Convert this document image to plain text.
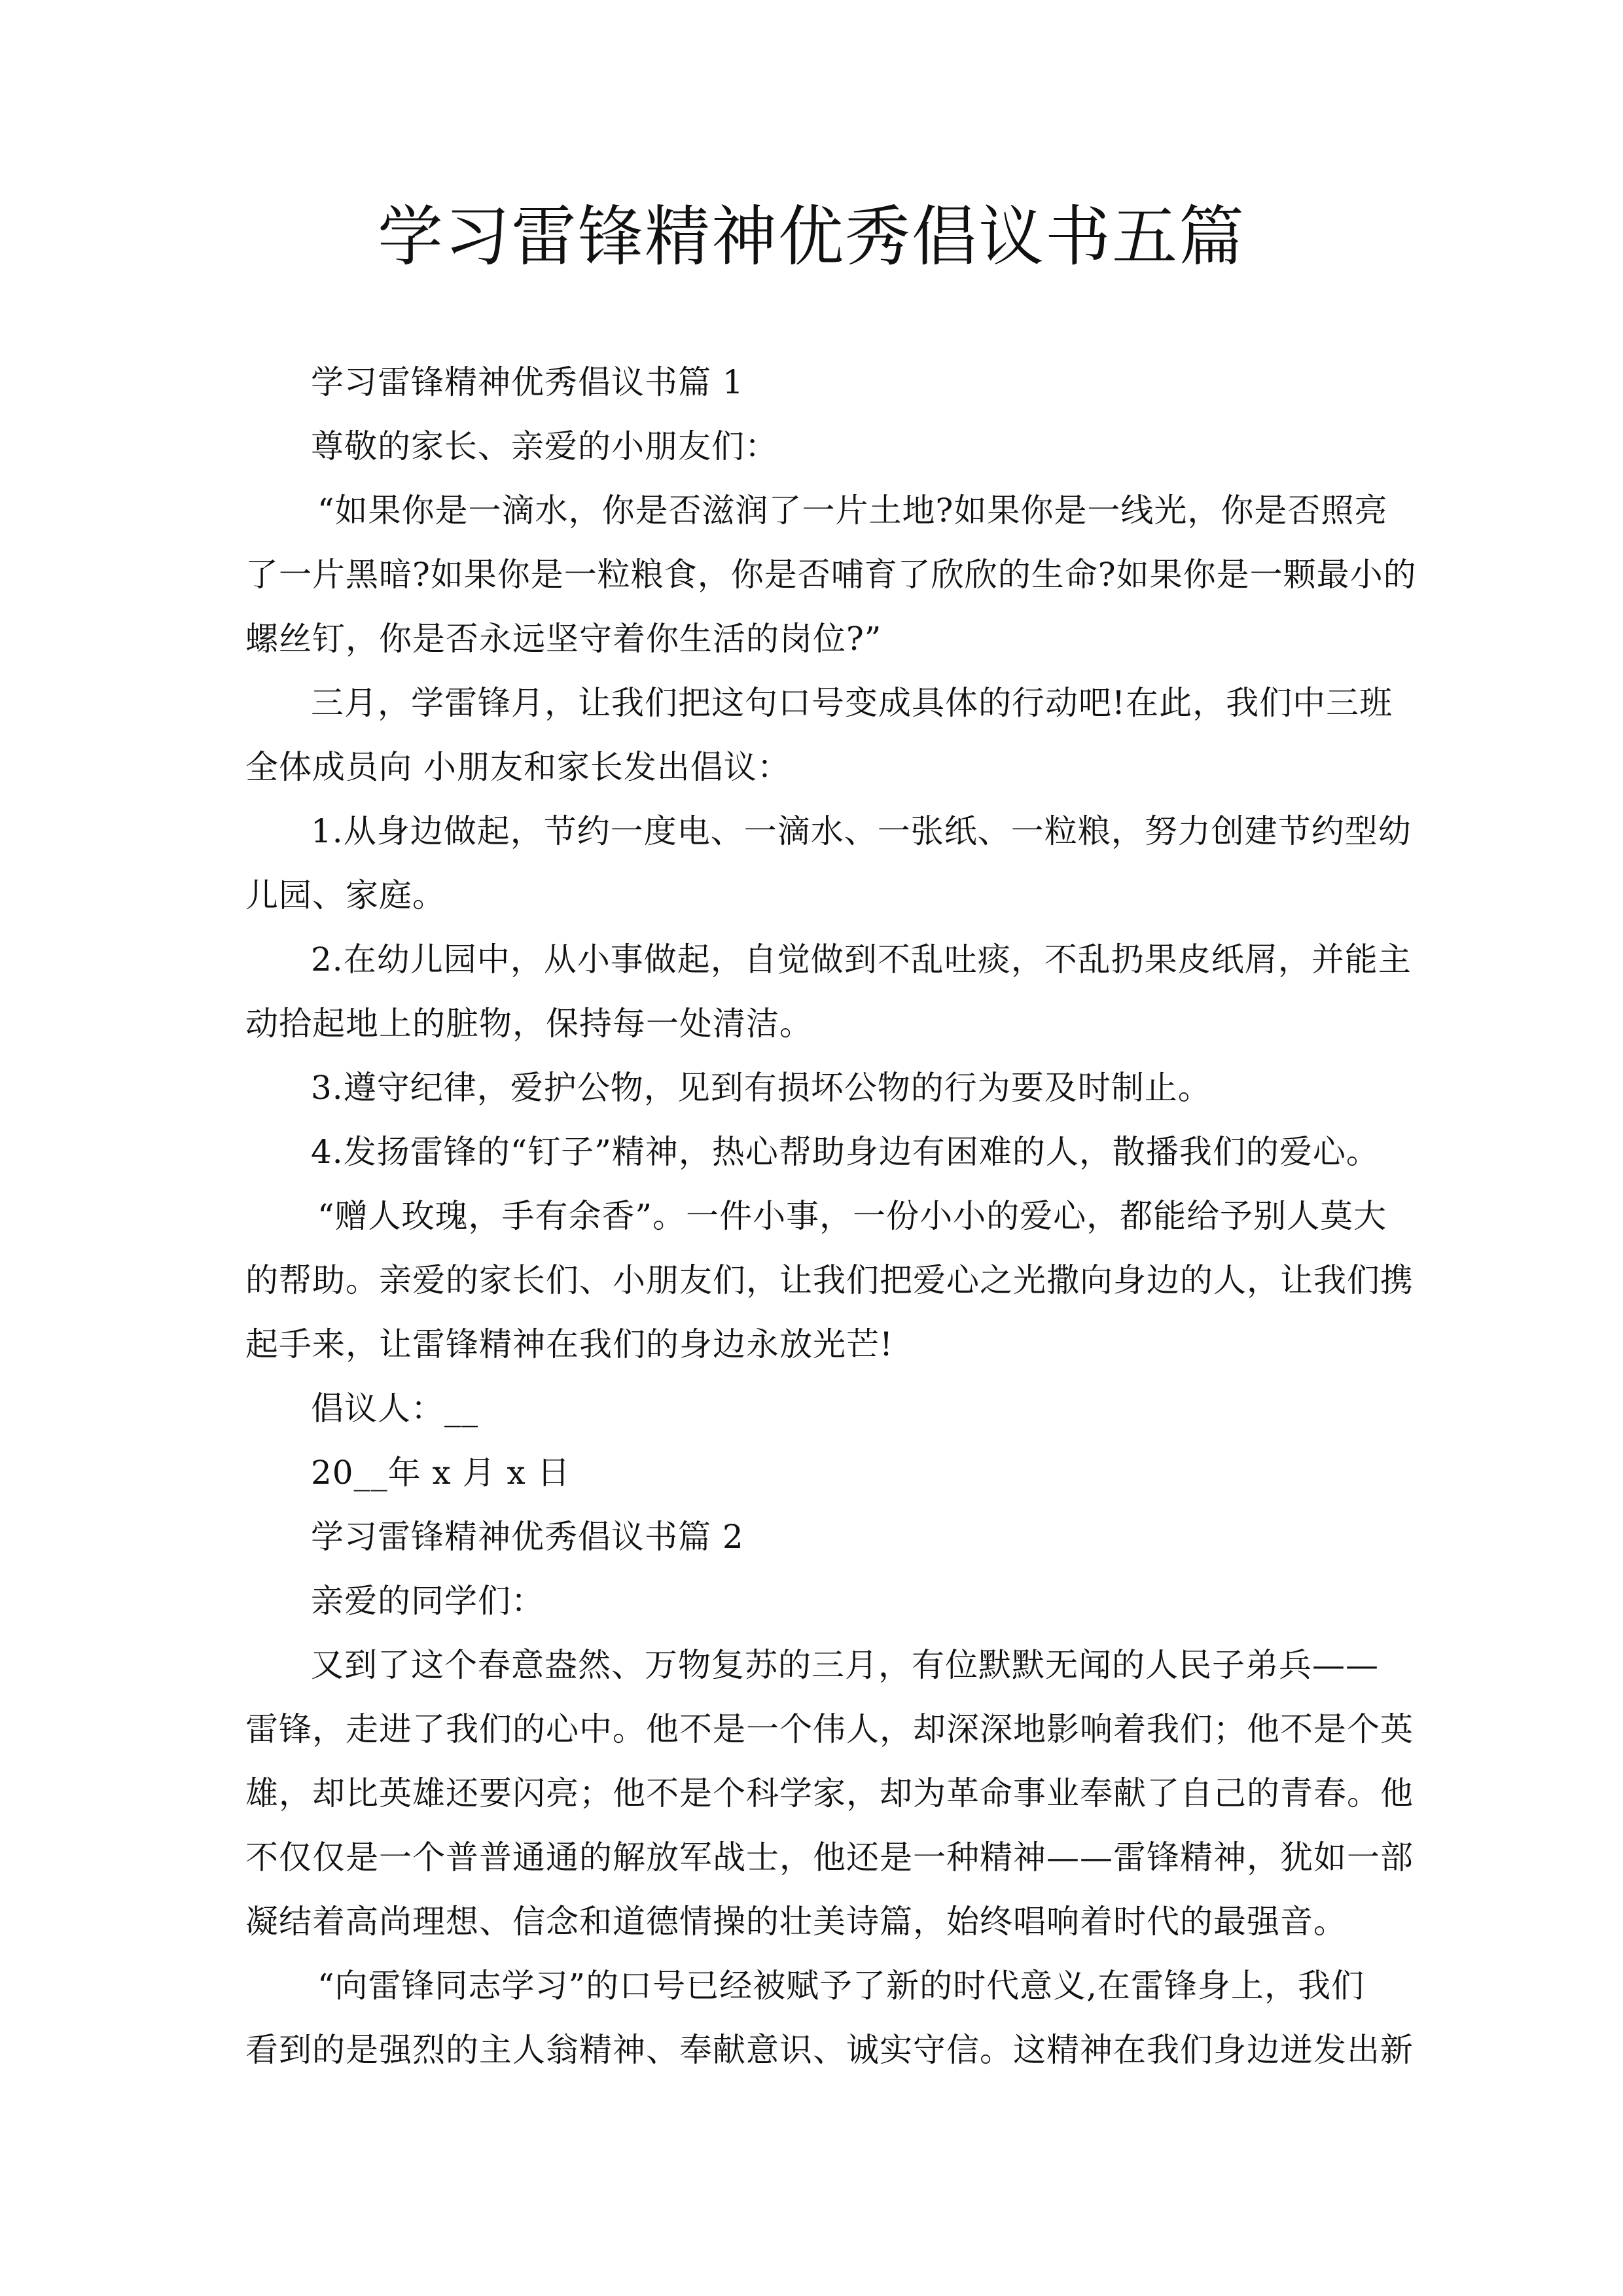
学习雷锋精神优秀倡议书五篇

学习雷锋精神优秀倡议书篇 1

尊敬的家长、亲爱的小朋友们：

“如果你是一滴水，你是否滋润了一片土地?如果你是一线光，你是否照亮

了一片黑暗?如果你是一粒粮食，你是否哺育了欣欣的生命?如果你是一颗最小的

螺丝钉，你是否永远坚守着你生活的岗位?”

三月，学雷锋月，让我们把这句口号变成具体的行动吧!在此，我们中三班

全体成员向 小朋友和家长发出倡议：

1.从身边做起，节约一度电、一滴水、一张纸、一粒粮，努力创建节约型幼

儿园、家庭。

2.在幼儿园中，从小事做起，自觉做到不乱吐痰，不乱扔果皮纸屑，并能主

动拾起地上的脏物，保持每一处清洁。

3.遵守纪律，爱护公物，见到有损坏公物的行为要及时制止。

4.发扬雷锋的“钉子”精神，热心帮助身边有困难的人，散播我们的爱心。

“赠人玫瑰，手有余香”。一件小事，一份小小的爱心，都能给予别人莫大

的帮助。亲爱的家长们、小朋友们，让我们把爱心之光撒向身边的人，让我们携

起手来，让雷锋精神在我们的身边永放光芒!

倡议人：__

20__年 x 月 x 日

学习雷锋精神优秀倡议书篇 2

亲爱的同学们：

又到了这个春意盎然、万物复苏的三月，有位默默无闻的人民子弟兵——

雷锋，走进了我们的心中。他不是一个伟人，却深深地影响着我们；他不是个英

雄，却比英雄还要闪亮；他不是个科学家，却为革命事业奉献了自己的青春。他

不仅仅是一个普普通通的解放军战士，他还是一种精神——雷锋精神，犹如一部

凝结着高尚理想、信念和道德情操的壮美诗篇，始终唱响着时代的最强音。

“向雷锋同志学习”的口号已经被赋予了新的时代意义,在雷锋身上，我们

看到的是强烈的主人翁精神、奉献意识、诚实守信。这精神在我们身边迸发出新
